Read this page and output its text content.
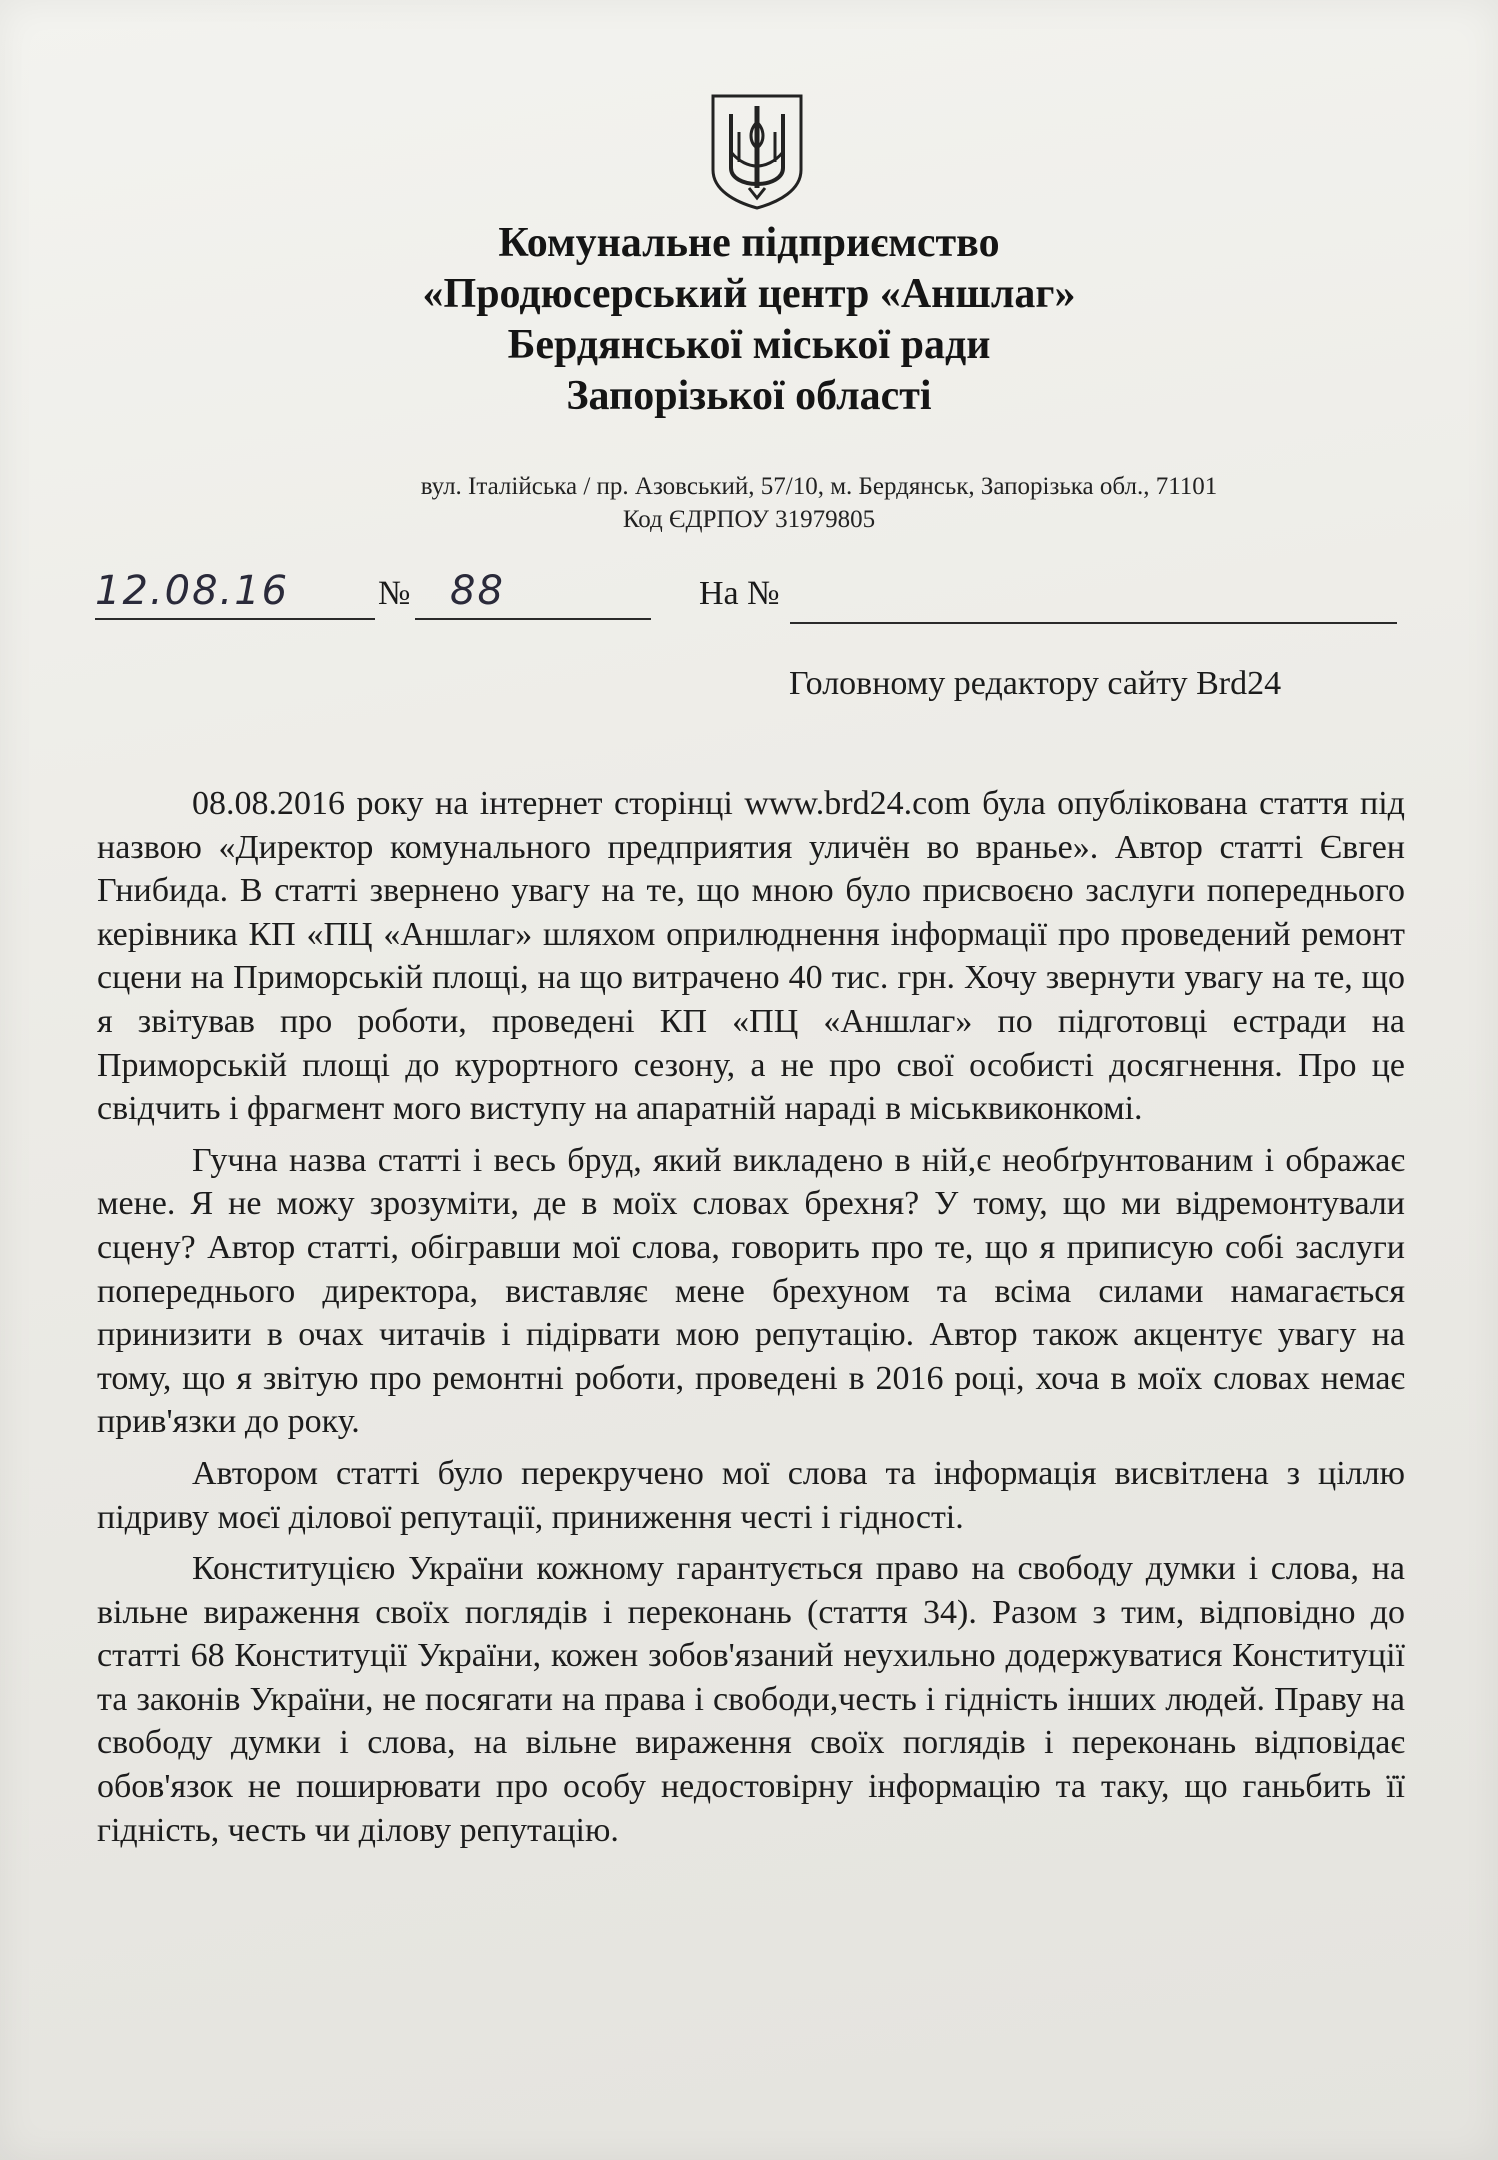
Комунальне підприємство
«Продюсерський центр «Аншлаг»
Бердянської міської ради
Запорізької області
вул. Італійська / пр. Азовський, 57/10, м. Бердянськ, Запорізька обл., 71101
Код ЄДРПОУ 31979805
12.08.16	№ 88	На №
Головному редактору сайту Brd24

08.08.2016 року на інтернет сторінці www.brd24.com була опублікована стаття під назвою «Директор комунального предприятия уличён во вранье». Автор статті Євген Гнибида. В статті звернено увагу на те, що мною було присвоєно заслуги попереднього керівника КП «ПЦ «Аншлаг» шляхом оприлюднення інформації про проведений ремонт сцени на Приморській площі, на що витрачено 40 тис. грн. Хочу звернути увагу на те, що я звітував про роботи, проведені КП «ПЦ «Аншлаг» по підготовці естради на Приморській площі до курортного сезону, а не про свої особисті досягнення. Про це свідчить і фрагмент мого виступу на апаратній нараді в міськвиконкомі.

Гучна назва статті і весь бруд, який викладено в ній,є необґрунтованим і ображає мене. Я не можу зрозуміти, де в моїх словах брехня? У тому, що ми відремонтували сцену? Автор статті, обігравши мої слова, говорить про те, що я приписую собі заслуги попереднього директора, виставляє мене брехуном та всіма силами намагається принизити в очах читачів і підірвати мою репутацію. Автор також акцентує увагу на тому, що я звітую про ремонтні роботи, проведені в 2016 році, хоча в моїх словах немає прив'язки до року.

Автором статті було перекручено мої слова та інформація висвітлена з ціллю підриву моєї ділової репутації, приниження честі і гідності.

Конституцією України кожному гарантується право на свободу думки і слова, на вільне вираження своїх поглядів і переконань (стаття 34). Разом з тим, відповідно до статті 68 Конституції України, кожен зобов'язаний неухильно додержуватися Конституції та законів України, не посягати на права і свободи,честь і гідність інших людей. Праву на свободу думки і слова, на вільне вираження своїх поглядів і переконань відповідає обов'язок не поширювати про особу недостовірну інформацію та таку, що ганьбить її гідність, честь чи ділову репутацію.
